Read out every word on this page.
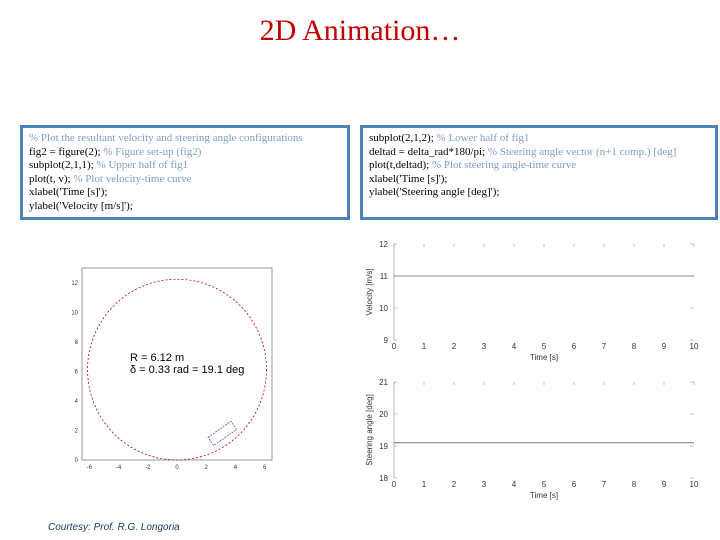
2D Animation…
% Plot the resultant velocity and steering angle configurations
fig2 = figure(2); % Figure set-up (fig2)
subplot(2,1,1); % Upper half of fig1
plot(t, v); % Plot velocity-time curve
xlabel('Time [s]');
ylabel('Velocity [m/s]');
subplot(2,1,2); % Lower half of fig1
deltad = delta_rad*180/pi; % Steering angle vector (n+1 comp.) [deg]
plot(t,deltad); % Plot steering angle-time curve
xlabel('Time [s]');
ylabel('Steering angle [deg]');
-6	-4	-2	0	2	4	6
0
2
4
6
8
10
12
R = 6.12 m
δ = 0.33 rad = 19.1 deg
0	1	2	3	4	5	6	7	8	9	10
9
10
11
12
Time [s]
Velocity [m/s]
0	1	2	3	4	5	6	7	8	9	10
18
19
20
21
Time [s]
Steering angle [deg]
Courtesy: Prof. R.G. Longoria
